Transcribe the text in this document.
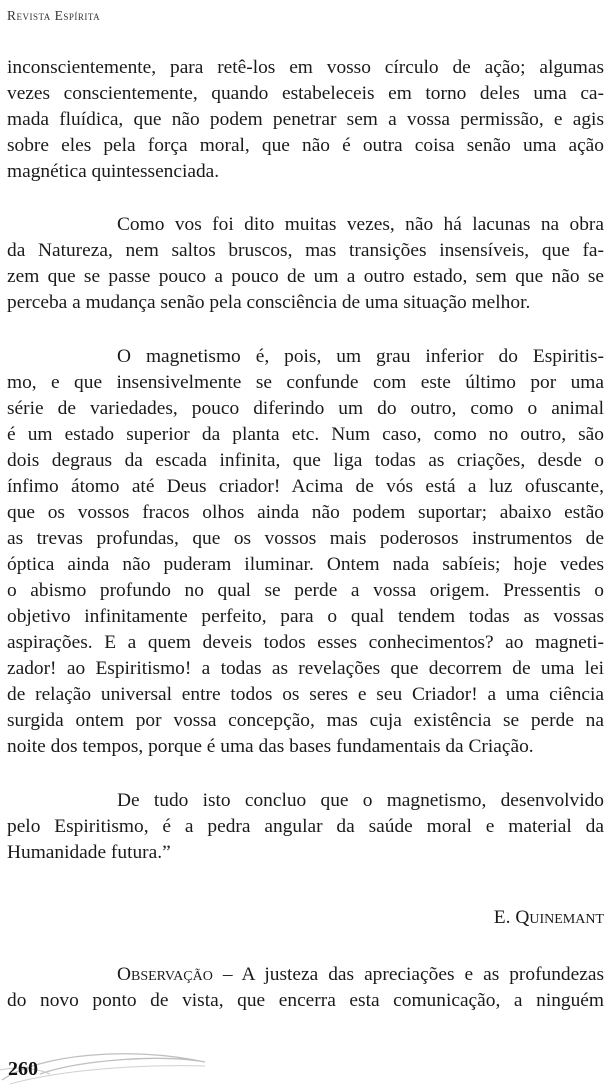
Revista Espírita
inconscientemente, para retê-los em vosso círculo de ação; algumas
vezes conscientemente, quando estabeleceis em torno deles uma ca-
mada fluídica, que não podem penetrar sem a vossa permissão, e agis
sobre eles pela força moral, que não é outra coisa senão uma ação
magnética quintessenciada.
Como vos foi dito muitas vezes, não há lacunas na obra
da Natureza, nem saltos bruscos, mas transições insensíveis, que fa-
zem que se passe pouco a pouco de um a outro estado, sem que não se
perceba a mudança senão pela consciência de uma situação melhor.
O magnetismo é, pois, um grau inferior do Espiritis-
mo, e que insensivelmente se confunde com este último por uma
série de variedades, pouco diferindo um do outro, como o animal
é um estado superior da planta etc. Num caso, como no outro, são
dois degraus da escada infinita, que liga todas as criações, desde o
ínfimo átomo até Deus criador! Acima de vós está a luz ofuscante,
que os vossos fracos olhos ainda não podem suportar; abaixo estão
as trevas profundas, que os vossos mais poderosos instrumentos de
óptica ainda não puderam iluminar. Ontem nada sabíeis; hoje vedes
o abismo profundo no qual se perde a vossa origem. Pressentis o
objetivo infinitamente perfeito, para o qual tendem todas as vossas
aspirações. E a quem deveis todos esses conhecimentos? ao magneti-
zador! ao Espiritismo! a todas as revelações que decorrem de uma lei
de relação universal entre todos os seres e seu Criador! a uma ciência
surgida ontem por vossa concepção, mas cuja existência se perde na
noite dos tempos, porque é uma das bases fundamentais da Criação.
De tudo isto concluo que o magnetismo, desenvolvido
pelo Espiritismo, é a pedra angular da saúde moral e material da
Humanidade futura.”
E. Quinemant
Observação – A justeza das apreciações e as profundezas
do novo ponto de vista, que encerra esta comunicação, a ninguém
260
